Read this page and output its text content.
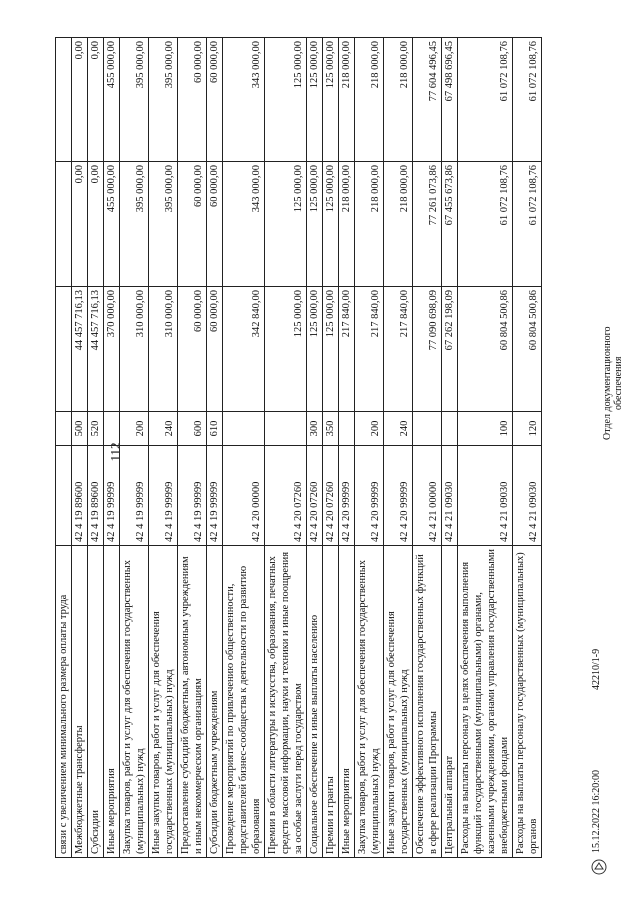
112
связи с увеличением минимального размера оплаты труда					
Межбюджетные трансферты	42 4 19 89600	500	44 457 716,13	0,00	0,00
Субсидии	42 4 19 89600	520	44 457 716,13	0,00	0,00
Иные мероприятия	42 4 19 99999		370 000,00	455 000,00	455 000,00
Закупка товаров, работ и услуг для обеспечения государственных (муниципальных) нужд	42 4 19 99999	200	310 000,00	395 000,00	395 000,00
Иные закупки товаров, работ и услуг для обеспечения государственных (муниципальных) нужд	42 4 19 99999	240	310 000,00	395 000,00	395 000,00
Предоставление субсидий бюджетным, автономным учреждениям и иным некоммерческим организациям	42 4 19 99999	600	60 000,00	60 000,00	60 000,00
Субсидии бюджетным учреждениям	42 4 19 99999	610	60 000,00	60 000,00	60 000,00
Проведение мероприятий по привлечению общественности, представителей бизнес-сообщества к деятельности по развитию образования	42 4 20 00000		342 840,00	343 000,00	343 000,00
Премии в области литературы и искусства, образования, печатных средств массовой информации, науки и техники и иные поощрения за особые заслуги перед государством	42 4 20 07260		125 000,00	125 000,00	125 000,00
Социальное обеспечение и иные выплаты населению	42 4 20 07260	300	125 000,00	125 000,00	125 000,00
Премии и гранты	42 4 20 07260	350	125 000,00	125 000,00	125 000,00
Иные мероприятия	42 4 20 99999		217 840,00	218 000,00	218 000,00
Закупка товаров, работ и услуг для обеспечения государственных (муниципальных) нужд	42 4 20 99999	200	217 840,00	218 000,00	218 000,00
Иные закупки товаров, работ и услуг для обеспечения государственных (муниципальных) нужд	42 4 20 99999	240	217 840,00	218 000,00	218 000,00
Обеспечение эффективного исполнения государственных функций в сфере реализации Программы	42 4 21 00000		77 090 698,09	77 261 073,86	77 604 496,45
Центральный аппарат	42 4 21 09030		67 262 198,09	67 455 673,86	67 498 696,45
Расходы на выплаты персоналу в целях обеспечения выполнения функций государственными (муниципальными) органами, казенными учреждениями, органами управления государственными внебюджетными фондами	42 4 21 09030	100	60 804 500,86	61 072 108,76	61 072 108,76
Расходы на выплаты персоналу государственных (муниципальных) органов	42 4 21 09030	120	60 804 500,86	61 072 108,76	61 072 108,76
15.12.2022 16:20:00
42210/1-9
Отдел документационного обеспечения
